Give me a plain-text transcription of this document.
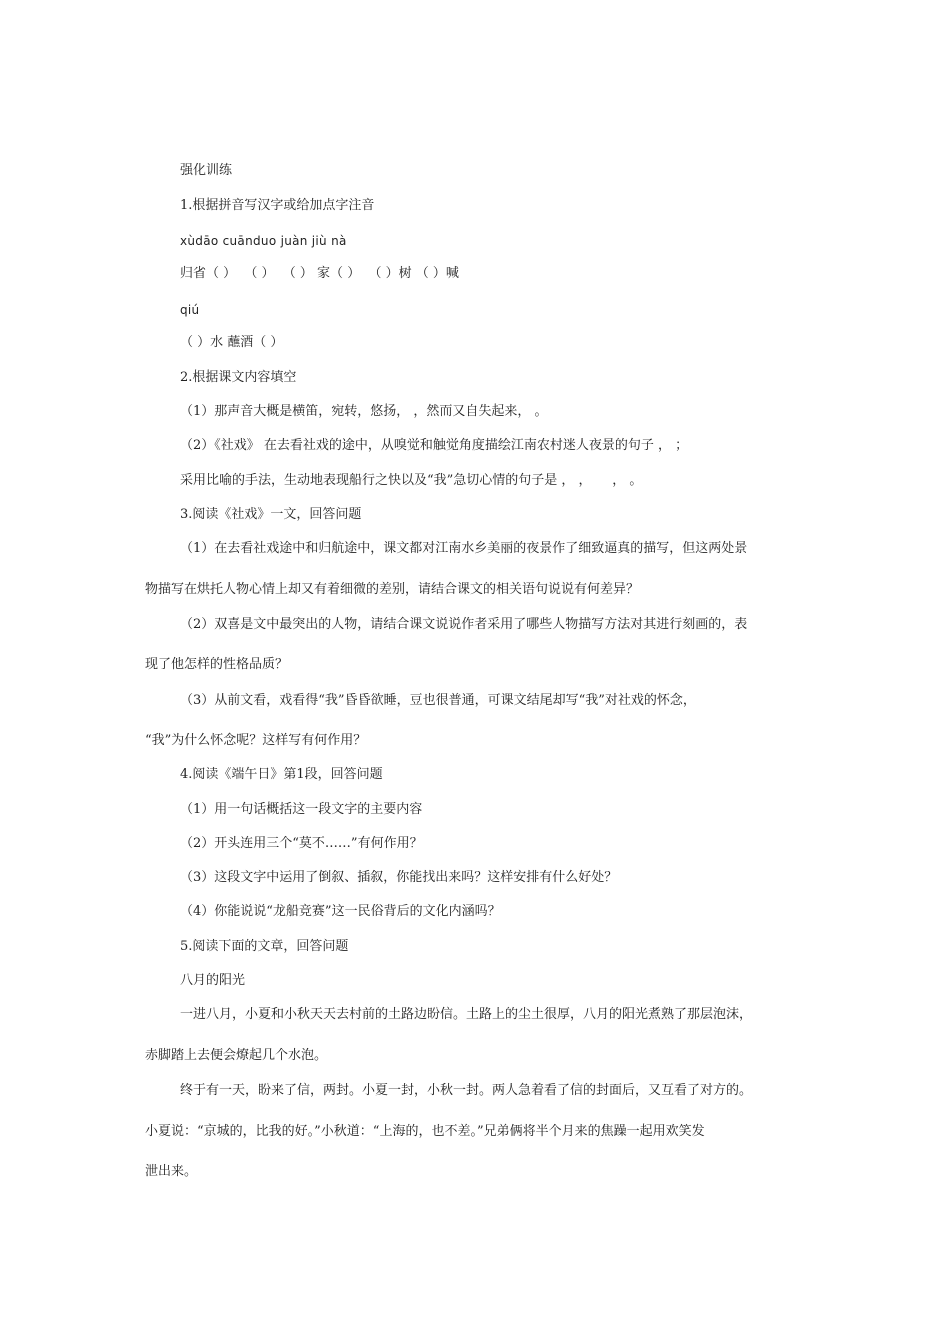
强化训练
1.根据拼音写汉字或给加点字注音
xùdāo cuānduo juàn jiù nà
归省（ ）  （ ）  （ ） 家（ ）  （ ）树 （ ）喊
qiú
（ ）水 蘸酒（ ）
2.根据课文内容填空
（1）那声音大概是横笛，宛转，悠扬， ，然而又自失起来， 。
（2）《社戏》 在去看社戏的途中，从嗅觉和触觉角度描绘江南农村迷人夜景的句子 ， ；
采用比喻的手法，生动地表现船行之快以及“我”急切心情的句子是 ， ，     ， 。
3.阅读《社戏》一文，回答问题
（1）在去看社戏途中和归航途中，课文都对江南水乡美丽的夜景作了细致逼真的描写，但这两处景
物描写在烘托人物心情上却又有着细微的差别，请结合课文的相关语句说说有何差异？
（2）双喜是文中最突出的人物，请结合课文说说作者采用了哪些人物描写方法对其进行刻画的，表
现了他怎样的性格品质？
（3）从前文看，戏看得“我”昏昏欲睡，豆也很普通，可课文结尾却写“我”对社戏的怀念，
“我”为什么怀念呢？这样写有何作用？
4.阅读《端午日》第1段，回答问题
（1）用一句话概括这一段文字的主要内容
（2）开头连用三个“莫不……”有何作用？
（3）这段文字中运用了倒叙、插叙，你能找出来吗？这样安排有什么好处？
（4）你能说说“龙船竞赛”这一民俗背后的文化内涵吗？
5.阅读下面的文章，回答问题
八月的阳光
一进八月，小夏和小秋天天去村前的土路边盼信。土路上的尘土很厚，八月的阳光煮熟了那层泡沫，
赤脚踏上去便会燎起几个水泡。
终于有一天，盼来了信，两封。小夏一封，小秋一封。两人急着看了信的封面后，又互看了对方的。
小夏说：“京城的，比我的好。”小秋道：“上海的，也不差。”兄弟俩将半个月来的焦躁一起用欢笑发
泄出来。
